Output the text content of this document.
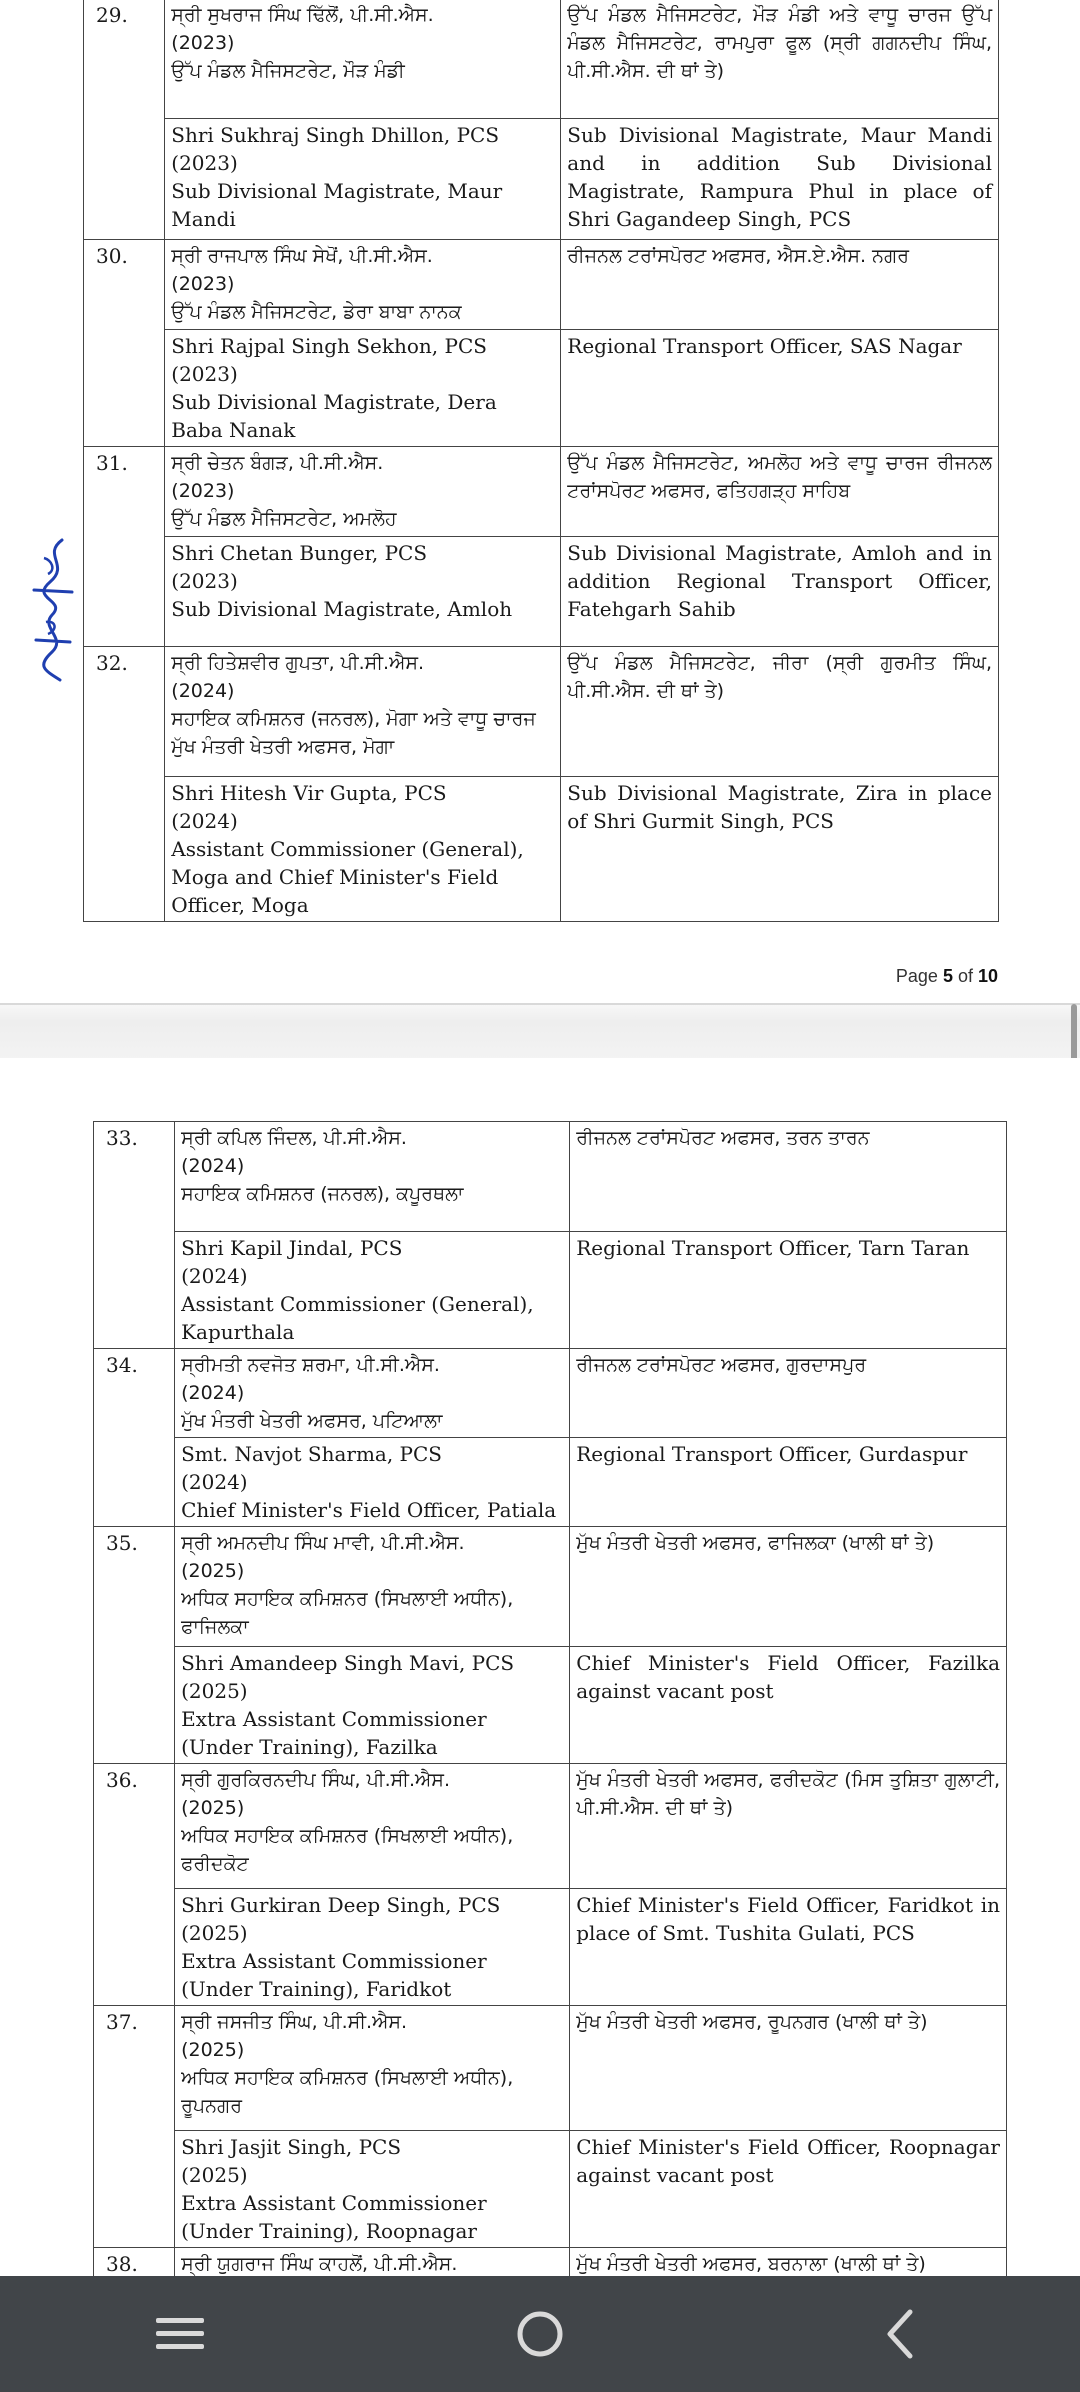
29.	ਸ੍ਰੀ ਸੁਖਰਾਜ ਸਿੰਘ ਢਿੱਲੋਂ, ਪੀ.ਸੀ.ਐਸ.
(2023)
ਉੱਪ ਮੰਡਲ ਮੈਜਿਸਟਰੇਟ, ਮੌੜ ਮੰਡੀ	ਉੱਪ ਮੰਡਲ ਮੈਜਿਸਟਰੇਟ, ਮੌੜ ਮੰਡੀ ਅਤੇ ਵਾਧੂ ਚਾਰਜ ਉੱਪ ਮੰਡਲ ਮੈਜਿਸਟਰੇਟ, ਰਾਮਪੁਰਾ ਫੂਲ (ਸ੍ਰੀ ਗਗਨਦੀਪ ਸਿੰਘ, ਪੀ.ਸੀ.ਐਸ. ਦੀ ਥਾਂ ਤੇ)

	Shri Sukhraj Singh Dhillon, PCS
(2023)
Sub Divisional Magistrate, Maur Mandi	Sub Divisional Magistrate, Maur Mandi and in addition Sub Divisional Magistrate, Rampura Phul in place of Shri Gagandeep Singh, PCS

30.	ਸ੍ਰੀ ਰਾਜਪਾਲ ਸਿੰਘ ਸੇਖੋਂ, ਪੀ.ਸੀ.ਐਸ.
(2023)
ਉੱਪ ਮੰਡਲ ਮੈਜਿਸਟਰੇਟ, ਡੇਰਾ ਬਾਬਾ ਨਾਨਕ	ਰੀਜਨਲ ਟਰਾਂਸਪੋਰਟ ਅਫਸਰ, ਐਸ.ਏ.ਐਸ. ਨਗਰ

	Shri Rajpal Singh Sekhon, PCS
(2023)
Sub Divisional Magistrate, Dera Baba Nanak	Regional Transport Officer, SAS Nagar

31.	ਸ੍ਰੀ ਚੇਤਨ ਬੰਗੜ, ਪੀ.ਸੀ.ਐਸ.
(2023)
ਉੱਪ ਮੰਡਲ ਮੈਜਿਸਟਰੇਟ, ਅਮਲੋਹ	ਉੱਪ ਮੰਡਲ ਮੈਜਿਸਟਰੇਟ, ਅਮਲੋਹ ਅਤੇ ਵਾਧੂ ਚਾਰਜ ਰੀਜਨਲ ਟਰਾਂਸਪੋਰਟ ਅਫਸਰ, ਫਤਿਹਗੜ੍ਹ ਸਾਹਿਬ

	Shri Chetan Bunger, PCS
(2023)
Sub Divisional Magistrate, Amloh	Sub Divisional Magistrate, Amloh and in addition Regional Transport Officer, Fatehgarh Sahib

32.	ਸ੍ਰੀ ਹਿਤੇਸ਼ਵੀਰ ਗੁਪਤਾ, ਪੀ.ਸੀ.ਐਸ.
(2024)
ਸਹਾਇਕ ਕਮਿਸ਼ਨਰ (ਜਨਰਲ), ਮੋਗਾ ਅਤੇ ਵਾਧੂ ਚਾਰਜ ਮੁੱਖ ਮੰਤਰੀ ਖੇਤਰੀ ਅਫਸਰ, ਮੋਗਾ	ਉੱਪ ਮੰਡਲ ਮੈਜਿਸਟਰੇਟ, ਜੀਰਾ (ਸ੍ਰੀ ਗੁਰਮੀਤ ਸਿੰਘ, ਪੀ.ਸੀ.ਐਸ. ਦੀ ਥਾਂ ਤੇ)

	Shri Hitesh Vir Gupta, PCS
(2024)
Assistant Commissioner (General), Moga and Chief Minister's Field Officer, Moga	Sub Divisional Magistrate, Zira in place of Shri Gurmit Singh, PCS
Page 5 of 10
33.	ਸ੍ਰੀ ਕਪਿਲ ਜਿੰਦਲ, ਪੀ.ਸੀ.ਐਸ.
(2024)
ਸਹਾਇਕ ਕਮਿਸ਼ਨਰ (ਜਨਰਲ), ਕਪੂਰਥਲਾ	ਰੀਜਨਲ ਟਰਾਂਸਪੋਰਟ ਅਫਸਰ, ਤਰਨ ਤਾਰਨ

	Shri Kapil Jindal, PCS
(2024)
Assistant Commissioner (General), Kapurthala	Regional Transport Officer, Tarn Taran

34.	ਸ੍ਰੀਮਤੀ ਨਵਜੋਤ ਸ਼ਰਮਾ, ਪੀ.ਸੀ.ਐਸ.
(2024)
ਮੁੱਖ ਮੰਤਰੀ ਖੇਤਰੀ ਅਫਸਰ, ਪਟਿਆਲਾ	ਰੀਜਨਲ ਟਰਾਂਸਪੋਰਟ ਅਫਸਰ, ਗੁਰਦਾਸਪੁਰ

	Smt. Navjot Sharma, PCS
(2024)
Chief Minister's Field Officer, Patiala	Regional Transport Officer, Gurdaspur

35.	ਸ੍ਰੀ ਅਮਨਦੀਪ ਸਿੰਘ ਮਾਵੀ, ਪੀ.ਸੀ.ਐਸ.
(2025)
ਅਧਿਕ ਸਹਾਇਕ ਕਮਿਸ਼ਨਰ (ਸਿਖਲਾਈ ਅਧੀਨ), ਫਾਜਿਲਕਾ	ਮੁੱਖ ਮੰਤਰੀ ਖੇਤਰੀ ਅਫਸਰ, ਫਾਜਿਲਕਾ (ਖਾਲੀ ਥਾਂ ਤੇ)

	Shri Amandeep Singh Mavi, PCS
(2025)
Extra Assistant Commissioner (Under Training), Fazilka	Chief Minister's Field Officer, Fazilka against vacant post

36.	ਸ੍ਰੀ ਗੁਰਕਿਰਨਦੀਪ ਸਿੰਘ, ਪੀ.ਸੀ.ਐਸ.
(2025)
ਅਧਿਕ ਸਹਾਇਕ ਕਮਿਸ਼ਨਰ (ਸਿਖਲਾਈ ਅਧੀਨ), ਫਰੀਦਕੋਟ	ਮੁੱਖ ਮੰਤਰੀ ਖੇਤਰੀ ਅਫਸਰ, ਫਰੀਦਕੋਟ (ਮਿਸ ਤੁਸ਼ਿਤਾ ਗੁਲਾਟੀ, ਪੀ.ਸੀ.ਐਸ. ਦੀ ਥਾਂ ਤੇ)

	Shri Gurkiran Deep Singh, PCS
(2025)
Extra Assistant Commissioner (Under Training), Faridkot	Chief Minister's Field Officer, Faridkot in place of Smt. Tushita Gulati, PCS

37.	ਸ੍ਰੀ ਜਸਜੀਤ ਸਿੰਘ, ਪੀ.ਸੀ.ਐਸ.
(2025)
ਅਧਿਕ ਸਹਾਇਕ ਕਮਿਸ਼ਨਰ (ਸਿਖਲਾਈ ਅਧੀਨ), ਰੂਪਨਗਰ	ਮੁੱਖ ਮੰਤਰੀ ਖੇਤਰੀ ਅਫਸਰ, ਰੂਪਨਗਰ (ਖਾਲੀ ਥਾਂ ਤੇ)

	Shri Jasjit Singh, PCS
(2025)
Extra Assistant Commissioner (Under Training), Roopnagar	Chief Minister's Field Officer, Roopnagar against vacant post

38.	ਸ੍ਰੀ ਯੁਗਰਾਜ ਸਿੰਘ ਕਾਹਲੋਂ, ਪੀ.ਸੀ.ਐਸ.	ਮੁੱਖ ਮੰਤਰੀ ਖੇਤਰੀ ਅਫਸਰ, ਬਰਨਾਲਾ (ਖਾਲੀ ਥਾਂ ਤੇ)
